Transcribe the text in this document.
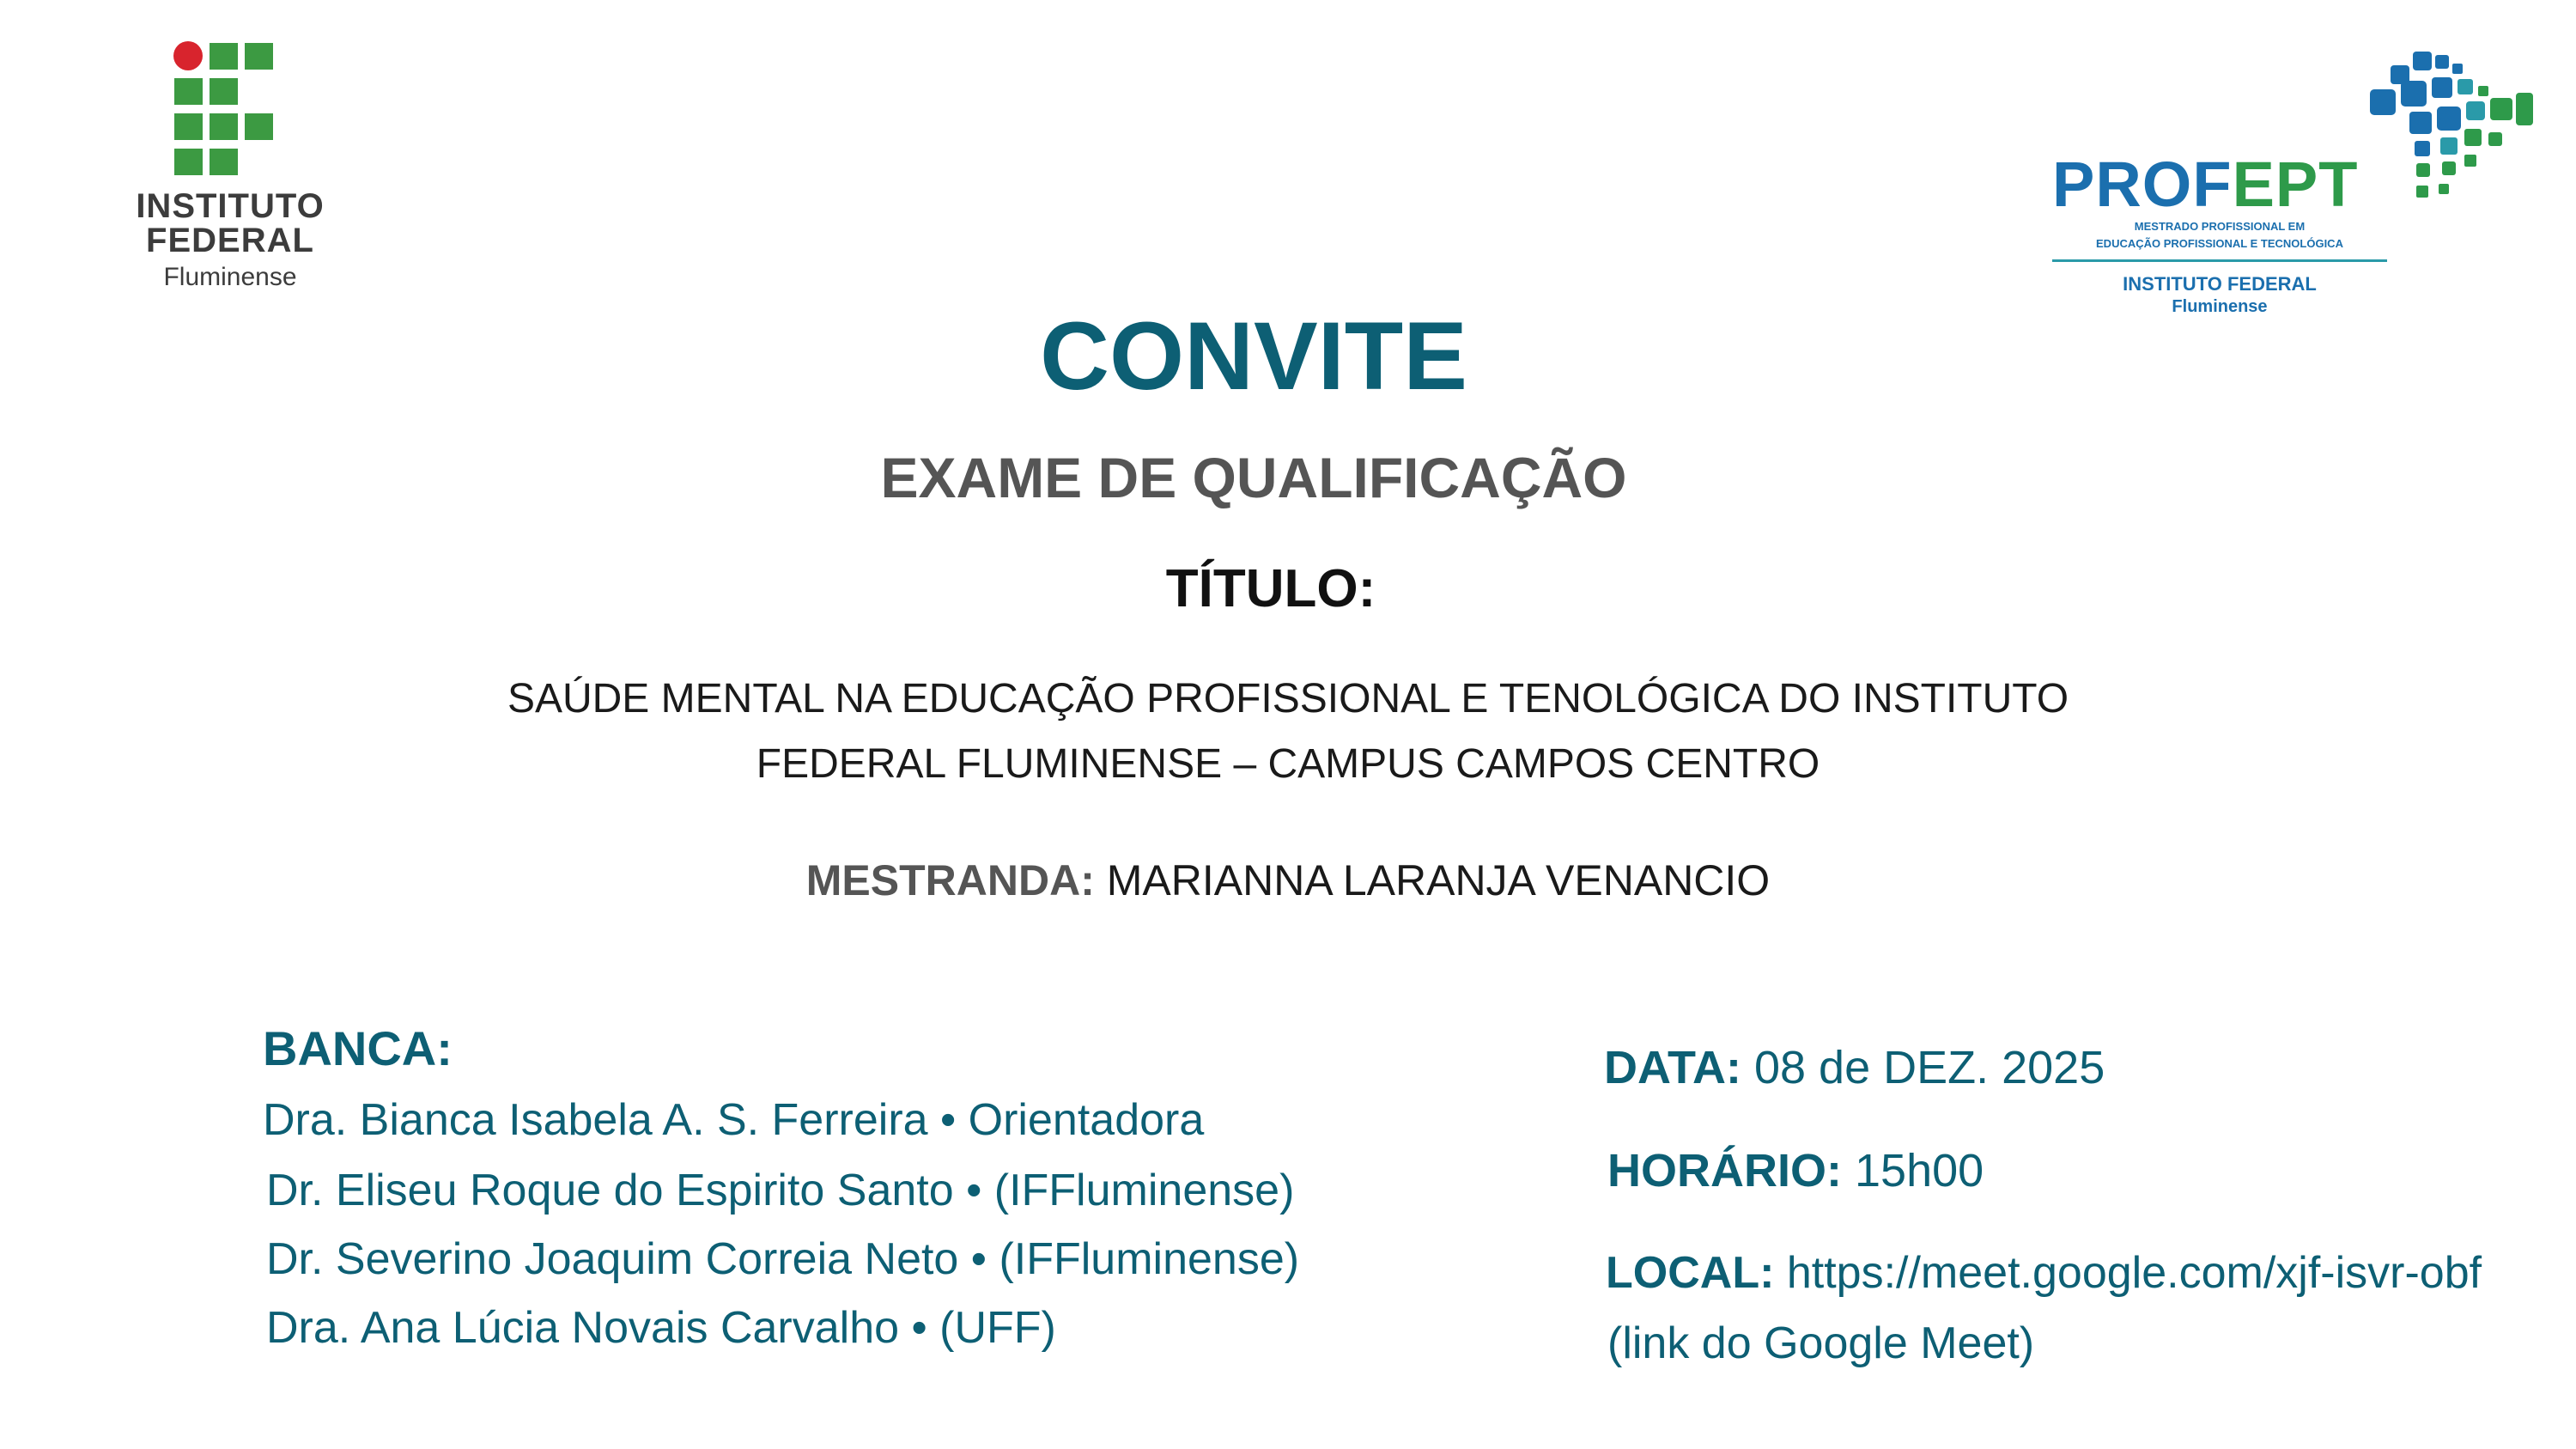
INSTITUTO
FEDERAL
Fluminense
PROFEPT
MESTRADO PROFISSIONAL EM
EDUCAÇÃO PROFISSIONAL E TECNOLÓGICA
INSTITUTO FEDERAL
Fluminense
CONVITE
EXAME DE QUALIFICAÇÃO
TÍTULO:
SAÚDE MENTAL NA EDUCAÇÃO PROFISSIONAL E TENOLÓGICA DO INSTITUTO
FEDERAL FLUMINENSE – CAMPUS CAMPOS CENTRO
MESTRANDA: MARIANNA LARANJA VENANCIO
BANCA:
Dra. Bianca Isabela A. S. Ferreira • Orientadora
Dr. Eliseu Roque do Espirito Santo • (IFFluminense)
Dr. Severino Joaquim Correia Neto • (IFFluminense)
Dra. Ana Lúcia Novais Carvalho • (UFF)
DATA: 08 de DEZ. 2025
HORÁRIO: 15h00
LOCAL: https://meet.google.com/xjf-isvr-obf
(link do Google Meet)
